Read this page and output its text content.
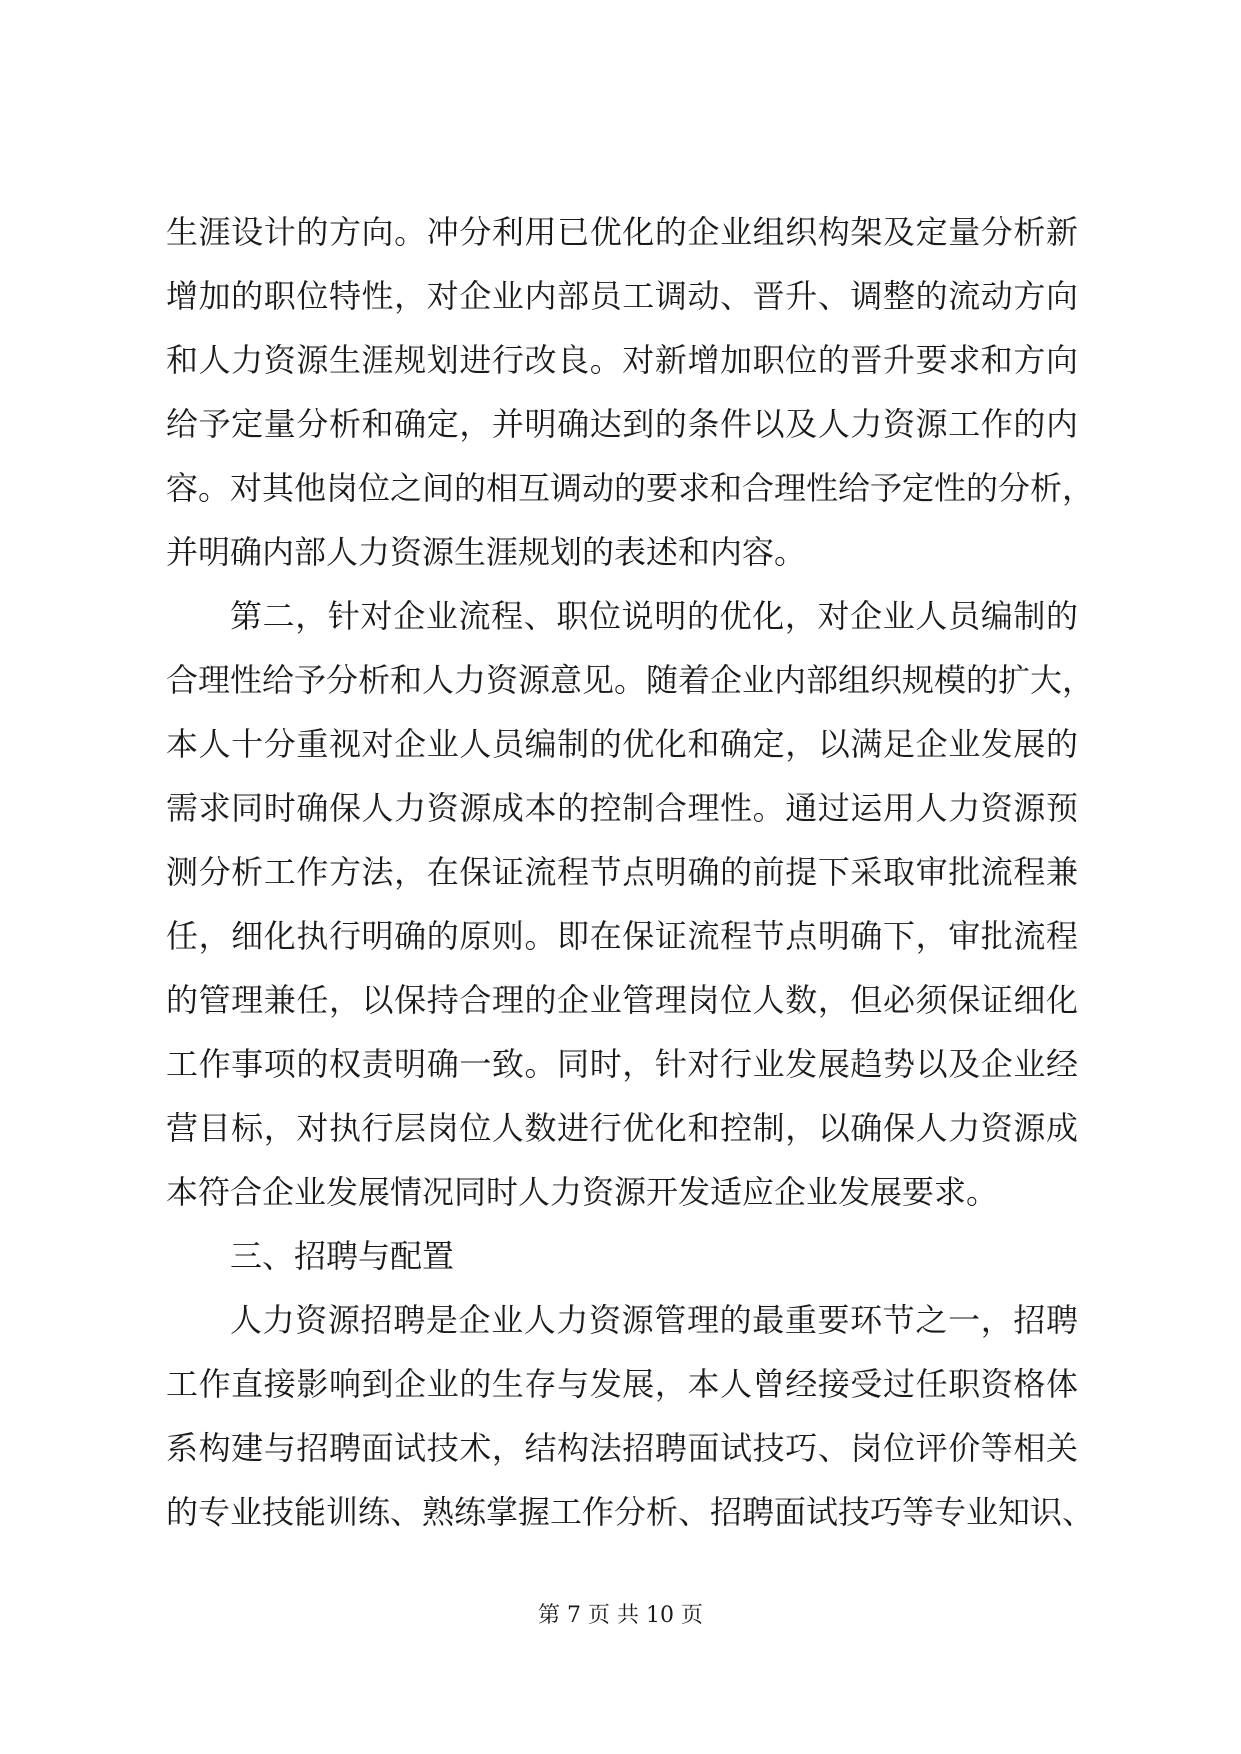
生涯设计的方向。冲分利用已优化的企业组织构架及定量分析新
增加的职位特性，对企业内部员工调动、晋升、调整的流动方向
和人力资源生涯规划进行改良。对新增加职位的晋升要求和方向
给予定量分析和确定，并明确达到的条件以及人力资源工作的内
容。对其他岗位之间的相互调动的要求和合理性给予定性的分析，
并明确内部人力资源生涯规划的表述和内容。
第二，针对企业流程、职位说明的优化，对企业人员编制的
合理性给予分析和人力资源意见。随着企业内部组织规模的扩大，
本人十分重视对企业人员编制的优化和确定，以满足企业发展的
需求同时确保人力资源成本的控制合理性。通过运用人力资源预
测分析工作方法，在保证流程节点明确的前提下采取审批流程兼
任，细化执行明确的原则。即在保证流程节点明确下，审批流程
的管理兼任，以保持合理的企业管理岗位人数，但必须保证细化
工作事项的权责明确一致。同时，针对行业发展趋势以及企业经
营目标，对执行层岗位人数进行优化和控制，以确保人力资源成
本符合企业发展情况同时人力资源开发适应企业发展要求。
三、招聘与配置
人力资源招聘是企业人力资源管理的最重要环节之一，招聘
工作直接影响到企业的生存与发展，本人曾经接受过任职资格体
系构建与招聘面试技术，结构法招聘面试技巧、岗位评价等相关
的专业技能训练、熟练掌握工作分析、招聘面试技巧等专业知识、
第 7 页 共 10 页
